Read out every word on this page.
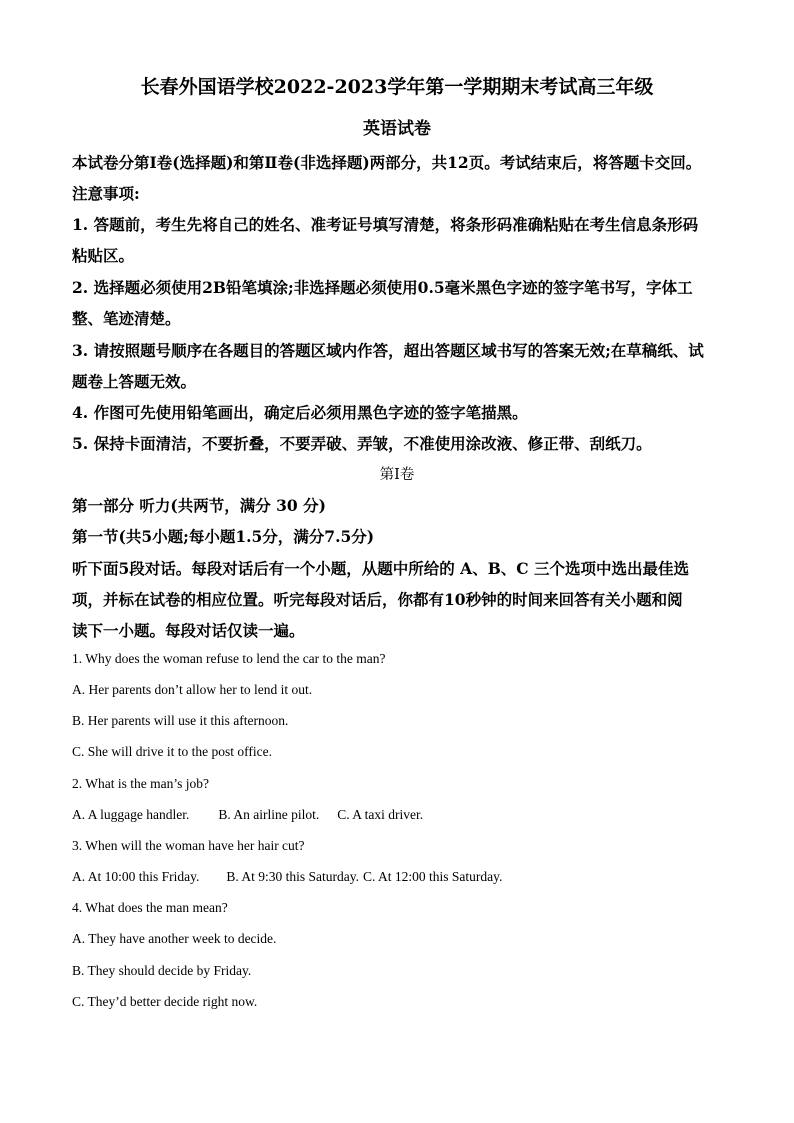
长春外国语学校2022-2023学年第一学期期末考试高三年级
英语试卷
本试卷分第Ⅰ卷(选择题)和第Ⅱ卷(非选择题)两部分，共12页。考试结束后，将答题卡交回。
注意事项:
1. 答题前，考生先将自己的姓名、准考证号填写清楚，将条形码准确粘贴在考生信息条形码
粘贴区。
2. 选择题必须使用2B铅笔填涂;非选择题必须使用0.5毫米黑色字迹的签字笔书写，字体工
整、笔迹清楚。
3. 请按照题号顺序在各题目的答题区域内作答，超出答题区域书写的答案无效;在草稿纸、试
题卷上答题无效。
4. 作图可先使用铅笔画出，确定后必须用黑色字迹的签字笔描黑。
5. 保持卡面清洁，不要折叠，不要弄破、弄皱，不准使用涂改液、修正带、刮纸刀。
第Ⅰ卷
第一部分 听力(共两节，满分 30 分)
第一节(共5小题;每小题1.5分，满分7.5分)
听下面5段对话。每段对话后有一个小题，从题中所给的 A、B、C 三个选项中选出最佳选
项，并标在试卷的相应位置。听完每段对话后，你都有10秒钟的时间来回答有关小题和阅
读下一小题。每段对话仅读一遍。
1. Why does the woman refuse to lend the car to the man?
A. Her parents don’t allow her to lend it out.
B. Her parents will use it this afternoon.
C. She will drive it to the post office.
2. What is the man’s job?
A. A luggage handler. B. An airline pilot. C. A taxi driver.
3. When will the woman have her hair cut?
A. At 10:00 this Friday. B. At 9:30 this Saturday. C. At 12:00 this Saturday.
4. What does the man mean?
A. They have another week to decide.
B. They should decide by Friday.
C. They’d better decide right now.
